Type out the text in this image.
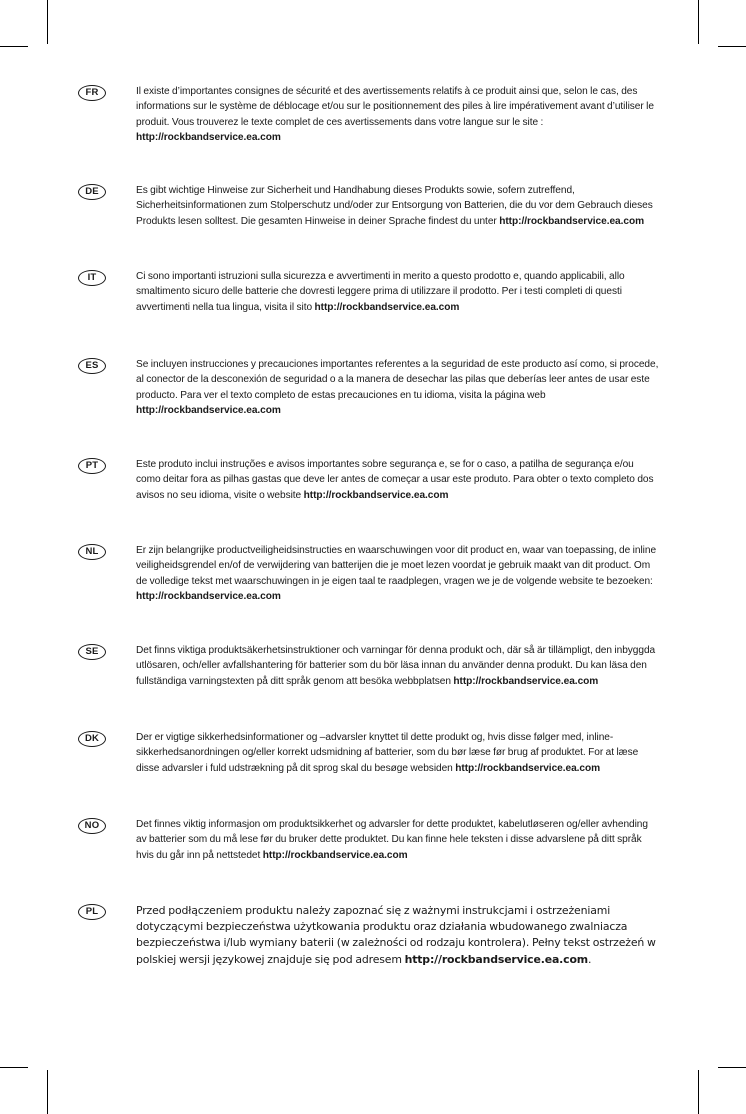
FR	Il existe d’importantes consignes de sécurité et des avertissements relatifs à ce produit ainsi que, selon le cas, des informations sur le système de déblocage et/ou sur le positionnement des piles à lire impérativement avant d’utiliser le produit. Vous trouverez le texte complet de ces avertissements dans votre langue sur le site : http://rockbandservice.ea.com

DE	Es gibt wichtige Hinweise zur Sicherheit und Handhabung dieses Produkts sowie, sofern zutreffend, Sicherheitsinformationen zum Stolperschutz und/oder zur Entsorgung von Batterien, die du vor dem Gebrauch dieses Produkts lesen solltest. Die gesamten Hinweise in deiner Sprache findest du unter http://rockbandservice.ea.com

IT	Ci sono importanti istruzioni sulla sicurezza e avvertimenti in merito a questo prodotto e, quando applicabili, allo smaltimento sicuro delle batterie che dovresti leggere prima di utilizzare il prodotto. Per i testi completi di questi avvertimenti nella tua lingua, visita il sito http://rockbandservice.ea.com

ES	Se incluyen instrucciones y precauciones importantes referentes a la seguridad de este producto así como, si procede, al conector de la desconexión de seguridad o a la manera de desechar las pilas que deberías leer antes de usar este producto. Para ver el texto completo de estas precauciones en tu idioma, visita la página web http://rockbandservice.ea.com

PT	Este produto inclui instruções e avisos importantes sobre segurança e, se for o caso, a patilha de segurança e/ou como deitar fora as pilhas gastas que deve ler antes de começar a usar este produto. Para obter o texto completo dos avisos no seu idioma, visite o website http://rockbandservice.ea.com

NL	Er zijn belangrijke productveiligheidsinstructies en waarschuwingen voor dit product en, waar van toepassing, de inline veiligheidsgrendel en/of de verwijdering van batterijen die je moet lezen voordat je gebruik maakt van dit product. Om de volledige tekst met waarschuwingen in je eigen taal te raadplegen, vragen we je de volgende website te bezoeken: http://rockbandservice.ea.com

SE	Det finns viktiga produktsäkerhetsinstruktioner och varningar för denna produkt och, där så är tillämpligt, den inbyggda utlösaren, och/eller avfallshantering för batterier som du bör läsa innan du använder denna produkt. Du kan läsa den fullständiga varningstexten på ditt språk genom att besöka webbplatsen http://rockbandservice.ea.com

DK	Der er vigtige sikkerhedsinformationer og –advarsler knyttet til dette produkt og, hvis disse følger med, inline-sikkerhedsanordningen og/eller korrekt udsmidning af batterier, som du bør læse før brug af produktet. For at læse disse advarsler i fuld udstrækning på dit sprog skal du besøge websiden http://rockbandservice.ea.com

NO	Det finnes viktig informasjon om produktsikkerhet og advarsler for dette produktet, kabelutløseren og/eller avhending av batterier som du må lese før du bruker dette produktet. Du kan finne hele teksten i disse advarslene på ditt språk hvis du går inn på nettstedet http://rockbandservice.ea.com

PL	Przed podłączeniem produktu należy zapoznać się z ważnymi instrukcjami i ostrzeżeniami dotyczącymi bezpieczeństwa użytkowania produktu oraz działania wbudowanego zwalniacza bezpieczeństwa i/lub wymiany baterii (w zależności od rodzaju kontrolera). Pełny tekst ostrzeżeń w polskiej wersji językowej znajduje się pod adresem http://rockbandservice.ea.com.
